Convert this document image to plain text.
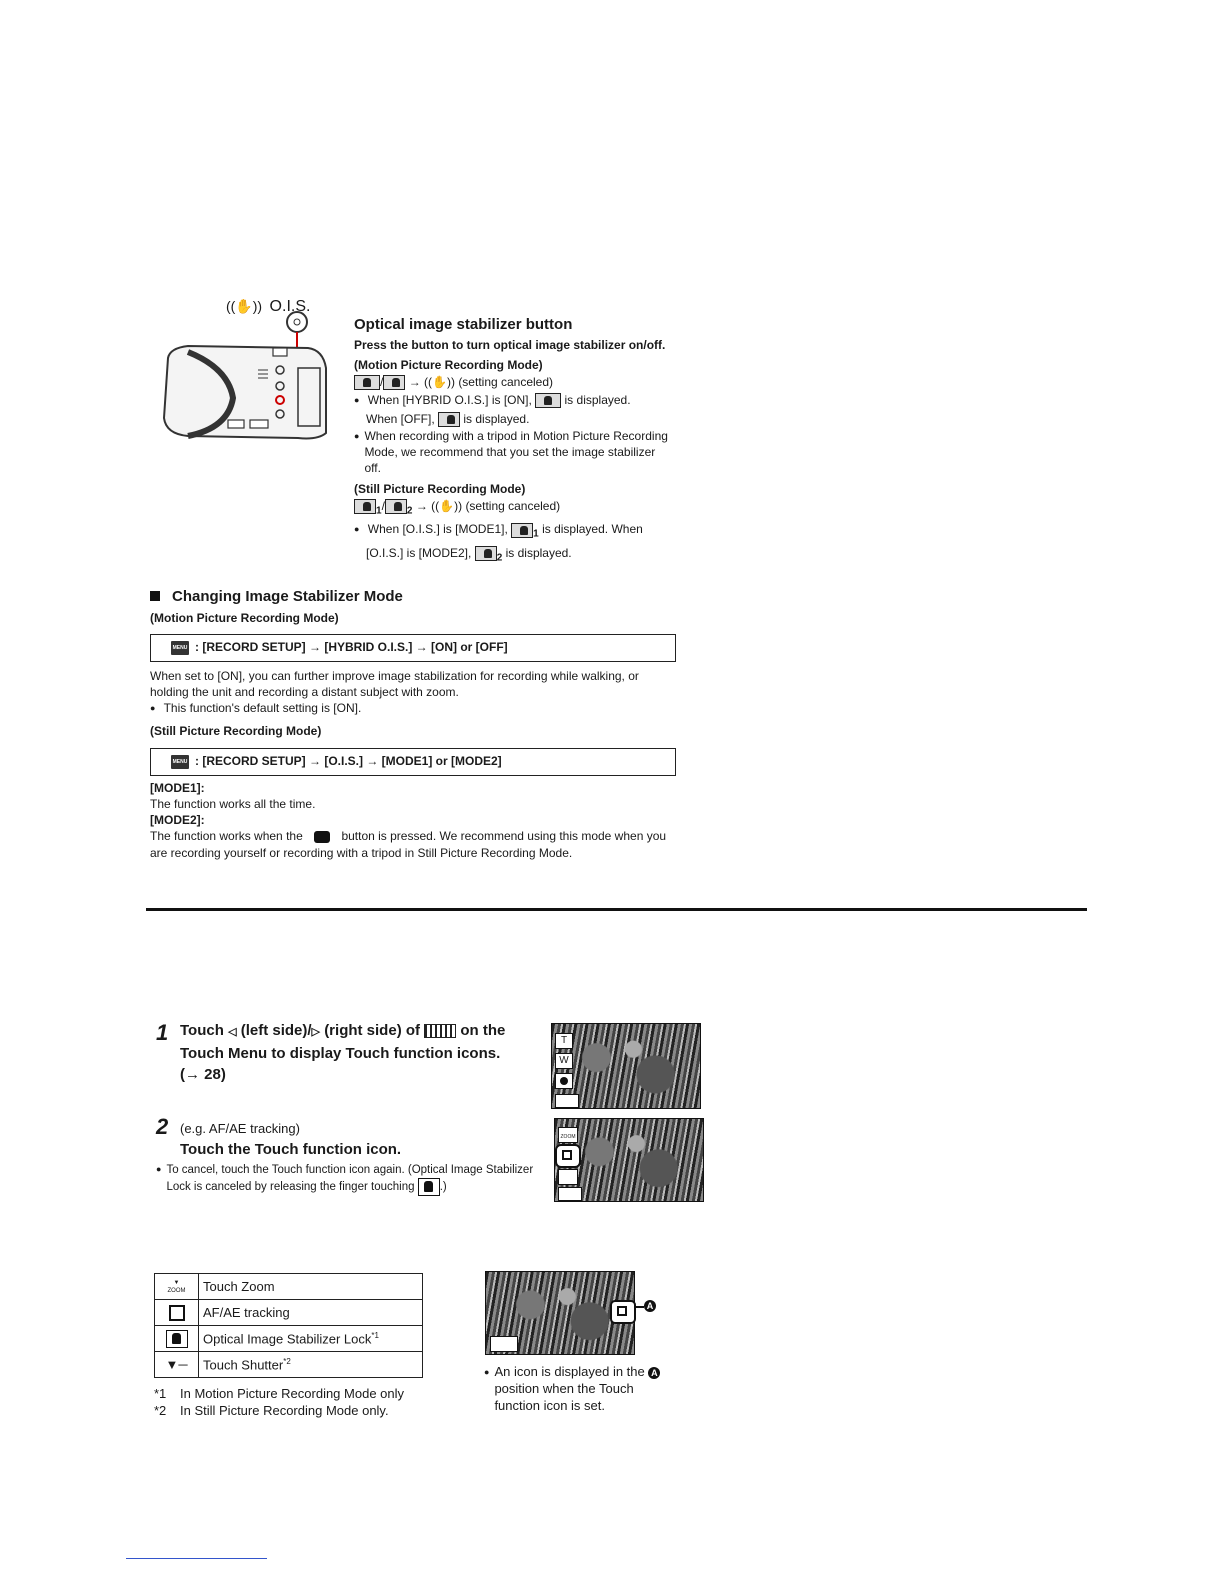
((✋)) O.I.S.
Optical image stabilizer button
Press the button to turn optical image stabilizer on/off.
(Motion Picture Recording Mode)
/ → ((✋)) (setting canceled)
● When [HYBRID O.I.S.] is [ON],	is displayed.
When [OFF], is displayed.
●
When recording with a tripod in Motion Picture Recording Mode, we recommend that you set the image stabilizer off.
(Still Picture Recording Mode)
$_1$/ $_2$ → ((✋)) (setting canceled)
● When [O.I.S.] is [MODE1],	$_1$ is displayed. When
[O.I.S.] is [MODE2],	$_2$ is displayed.
Changing Image Stabilizer Mode
(Motion Picture Recording Mode)
MENU : [RECORD SETUP] → [HYBRID O.I.S.] → [ON] or [OFF]
When set to [ON], you can further improve image stabilization for recording while walking, or holding the unit and recording a distant subject with zoom.
● This function's default setting is [ON].
(Still Picture Recording Mode)
MENU : [RECORD SETUP] → [O.I.S.] → [MODE1] or [MODE2]
[MODE1]:
The function works all the time.
[MODE2]:
The function works when the	button is pressed. We recommend using this mode when you are recording yourself or recording with a tripod in Still Picture Recording Mode.
1 Touch ◁ (left side)/▷ (right side) of	on the Touch Menu to display Touch function icons.
(→ 28)
T
W
2 (e.g. AF/AE tracking)
Touch the Touch function icon.
●
To cancel, touch the Touch function icon again. (Optical Image Stabilizer Lock is canceled by releasing the finger touching .)
ZOOM
▼
ZOOM	Touch Zoom
	AF/AE tracking

	Optical Image Stabilizer Lock$^{*1}$
▼─	Touch Shutter$^{*2}$
*1 In Motion Picture Recording Mode only
*2 In Still Picture Recording Mode only.
A
●
An icon is displayed in the A position when the Touch function icon is set.
